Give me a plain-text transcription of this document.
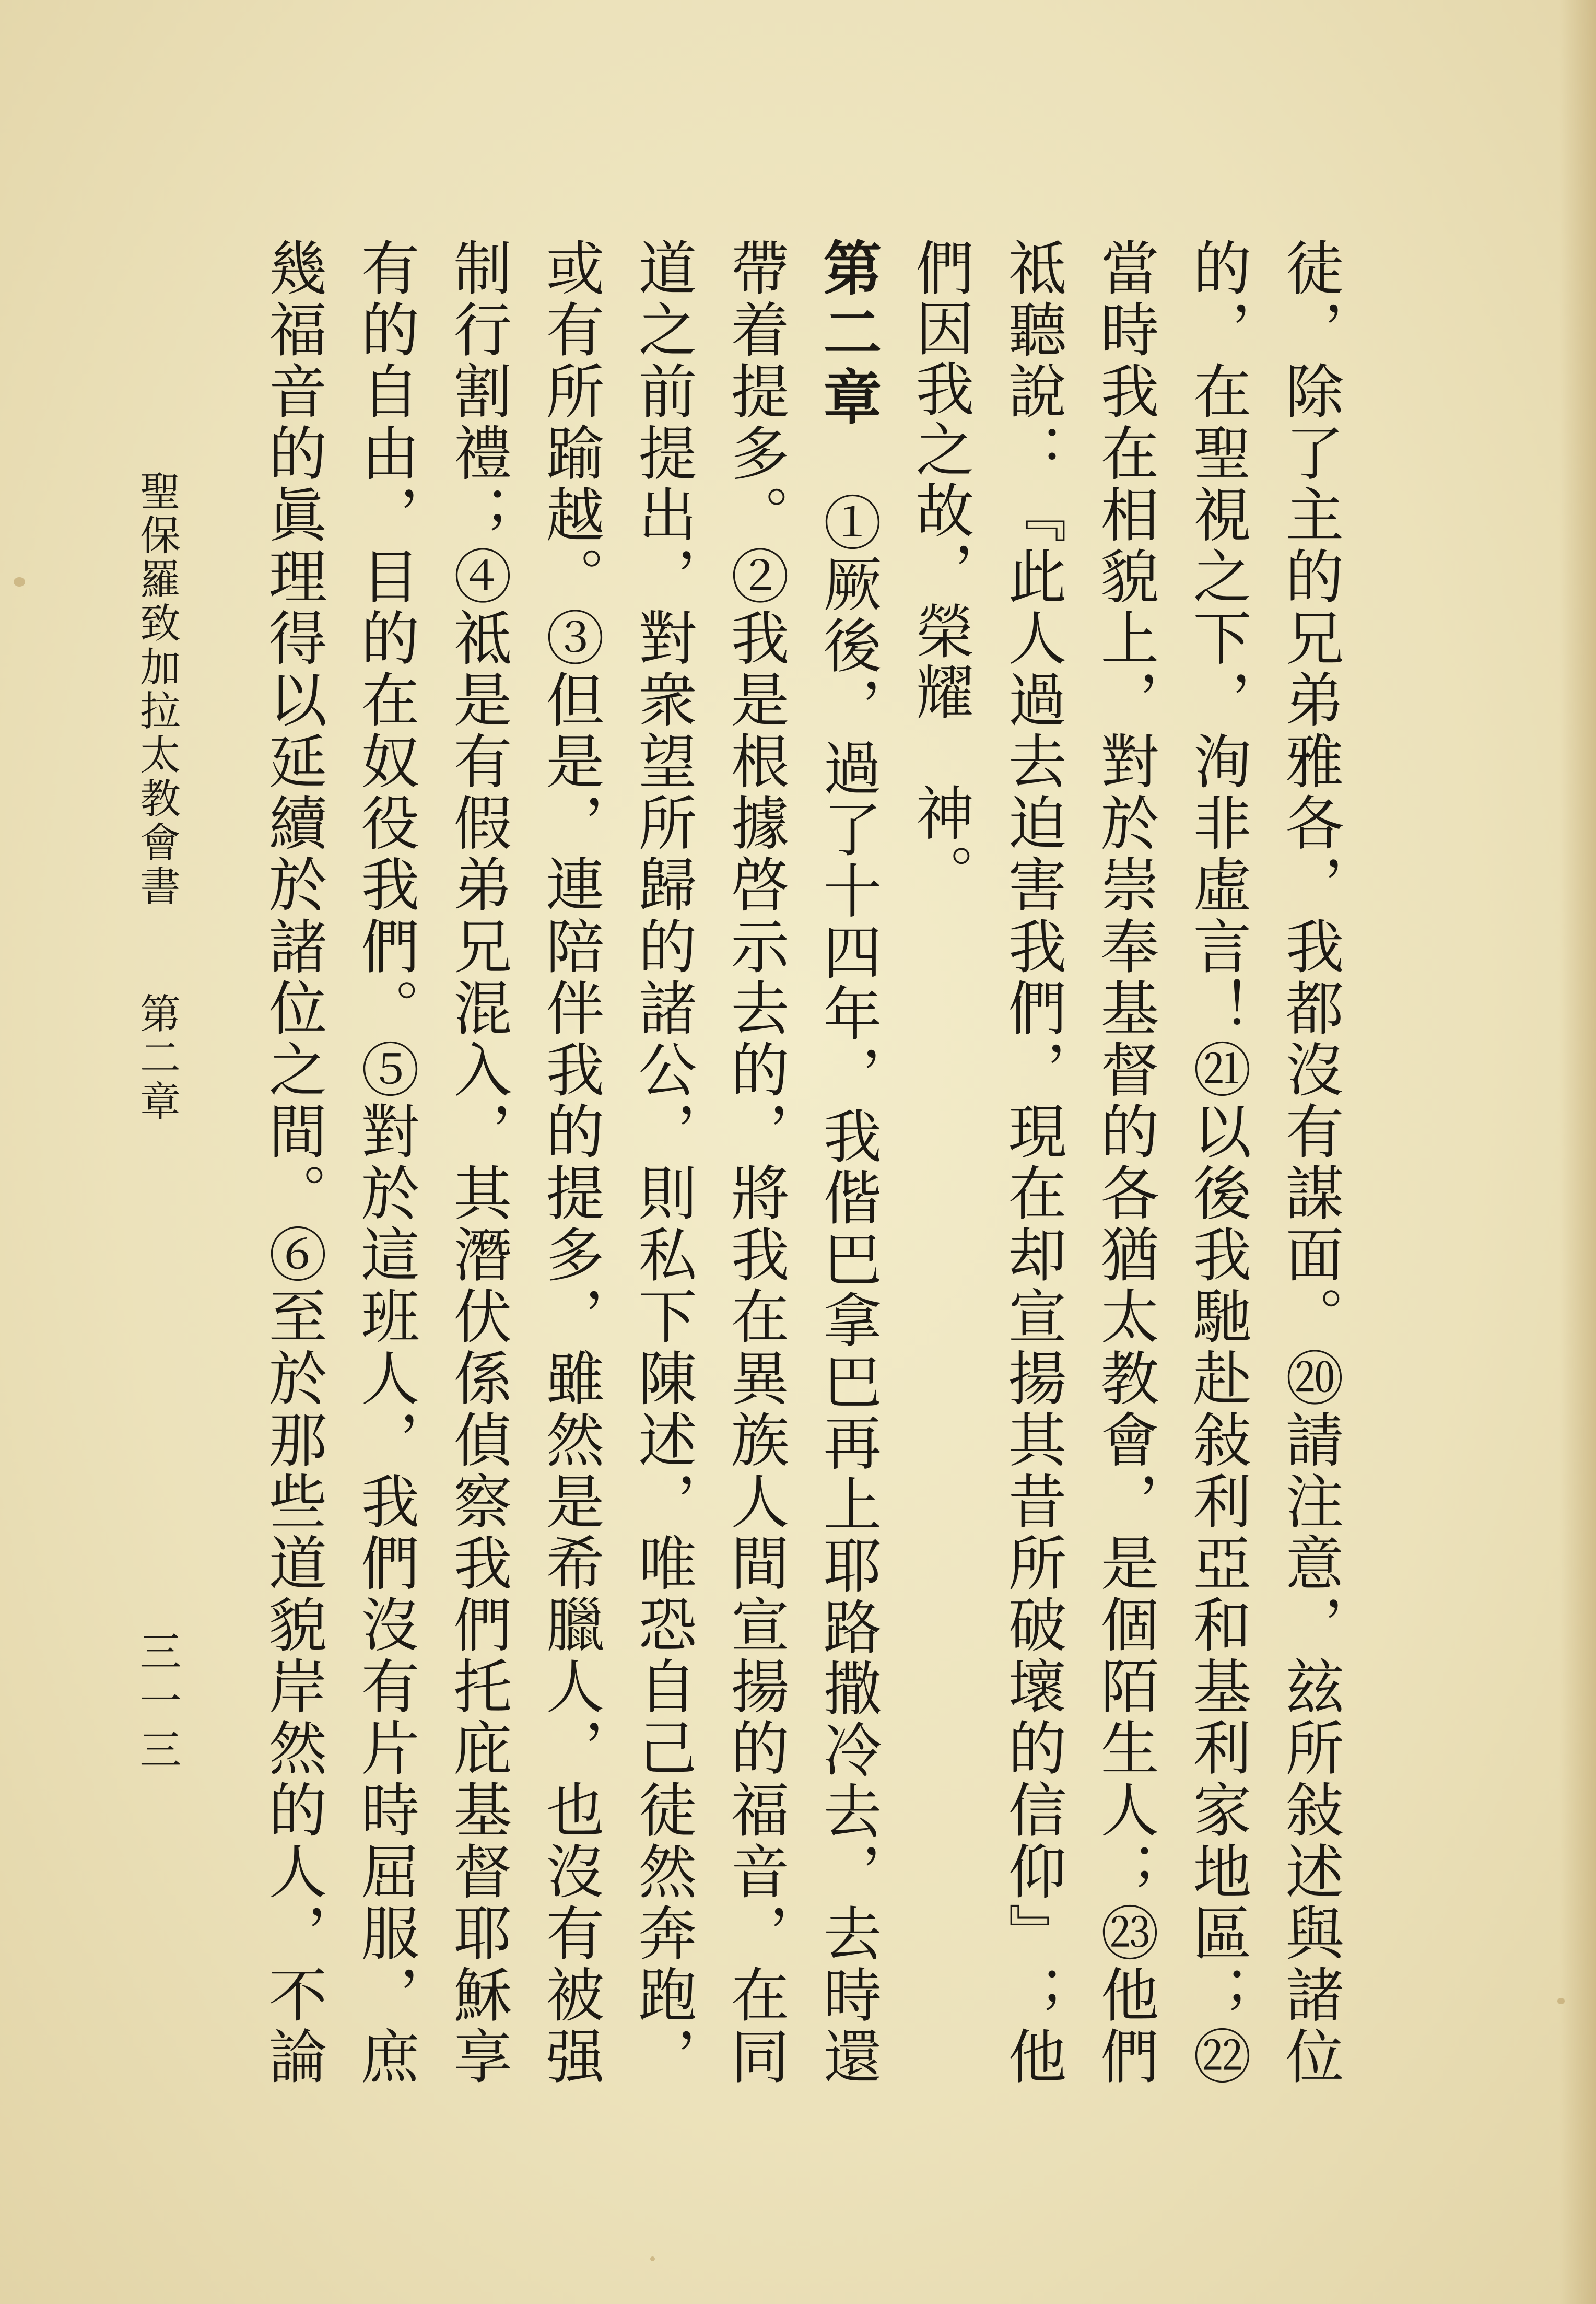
徒，除了主的兄弟雅各，我都沒有謀面。⑳請注意，玆所敍述與諸位的，在聖視之下，洵非虛言！㉑以後我馳赴敍利亞和基利家地區；㉒當時我在相貌上，對於崇奉基督的各猶太教會，是個陌生人；㉓他們祗聽說：『此人過去迫害我們，現在却宣揚其昔所破壞的信仰』；他們因我之故，榮耀　神。

第二章　①厥後，過了十四年，我偕巴拿巴再上耶路撒冷去，去時還帶着提多。②我是根據啓示去的，將我在異族人間宣揚的福音，在同道之前提出，對衆望所歸的諸公，則私下陳述，唯恐自己徒然奔跑，或有所踰越。③但是，連陪伴我的提多，雖然是希臘人，也沒有被强制行割禮；④祗是有假弟兄混入，其潛伏係偵察我們托庇基督耶穌享有的自由，目的在奴役我們。⑤對於這班人，我們沒有片時屈服，庶幾福音的眞理得以延續於諸位之間。⑥至於那些道貌岸然的人，不論　

聖保羅致加拉太教會書第二章
三一三
